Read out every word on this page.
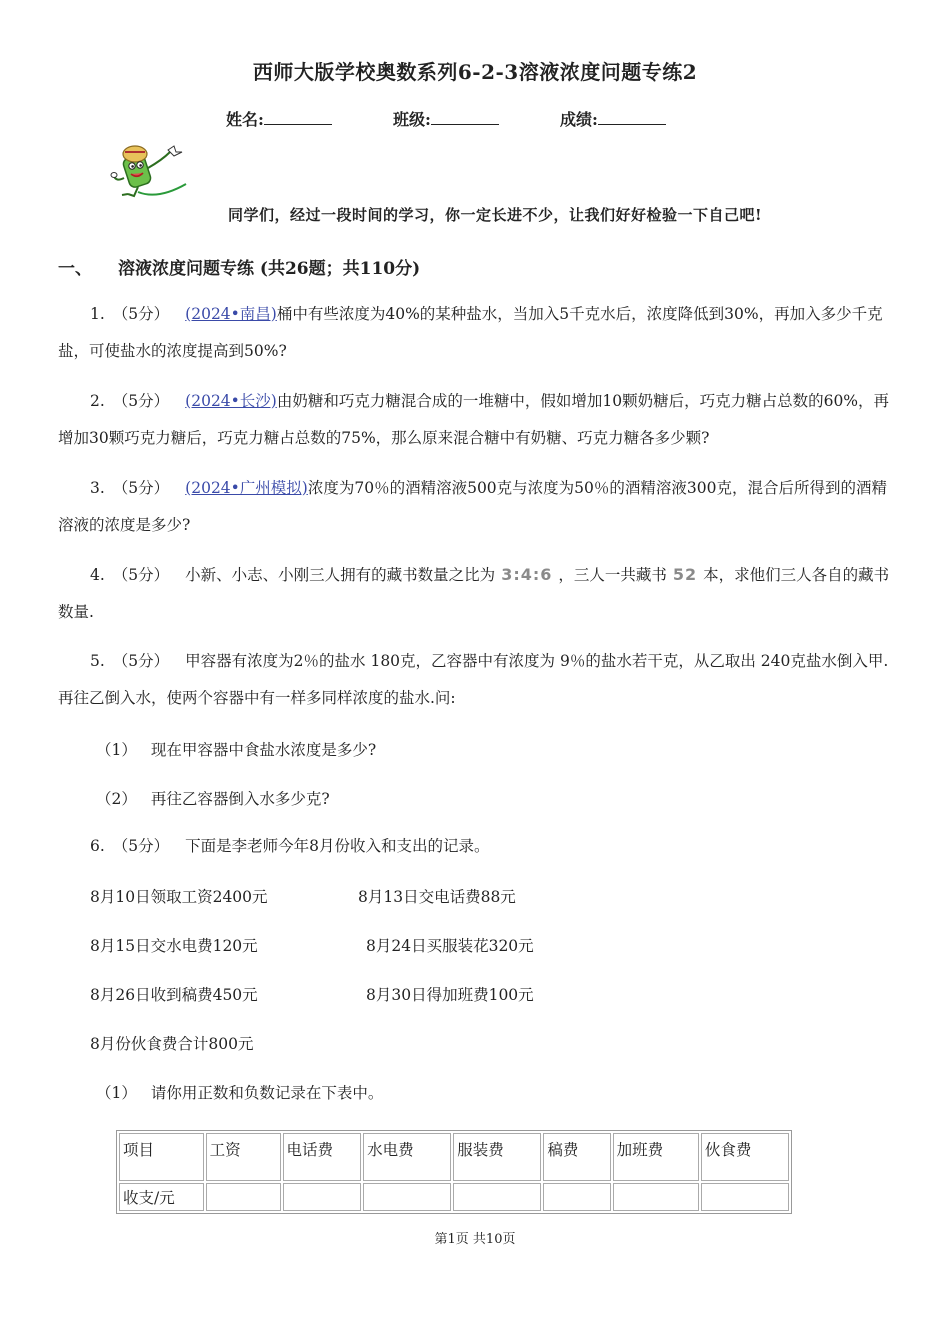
西师大版学校奥数系列6-2-3溶液浓度问题专练2
姓名:	班级:	成绩:
同学们，经过一段时间的学习，你一定长进不少，让我们好好检验一下自己吧!
一、 溶液浓度问题专练 (共26题；共110分)
1. （5分） (2024•南昌)桶中有些浓度为40%的某种盐水，当加入5千克水后，浓度降低到30%，再加入多少千克盐，可使盐水的浓度提高到50%?
2. （5分） (2024•长沙)由奶糖和巧克力糖混合成的一堆糖中，假如增加10颗奶糖后，巧克力糖占总数的60%，再增加30颗巧克力糖后，巧克力糖占总数的75%，那么原来混合糖中有奶糖、巧克力糖各多少颗?
3. （5分） (2024•广州模拟)浓度为70％的酒精溶液500克与浓度为50％的酒精溶液300克，混合后所得到的酒精溶液的浓度是多少?
4. （5分） 小新、小志、小刚三人拥有的藏书数量之比为 3:4:6 ，三人一共藏书 52 本，求他们三人各自的藏书数量.
5. （5分） 甲容器有浓度为2％的盐水 180克，乙容器中有浓度为 9％的盐水若干克，从乙取出 240克盐水倒入甲.再往乙倒入水，使两个容器中有一样多同样浓度的盐水.问:
（1） 现在甲容器中食盐水浓度是多少?
（2） 再往乙容器倒入水多少克?
6. （5分） 下面是李老师今年8月份收入和支出的记录。
8月10日领取工资2400元	8月13日交电话费88元
8月15日交水电费120元	8月24日买服装花320元
8月26日收到稿费450元	8月30日得加班费100元
8月份伙食费合计800元
（1） 请你用正数和负数记录在下表中。
项目	工资	电话费	水电费	服装费	稿费	加班费	伙食费
收支/元							
第1页 共10页
